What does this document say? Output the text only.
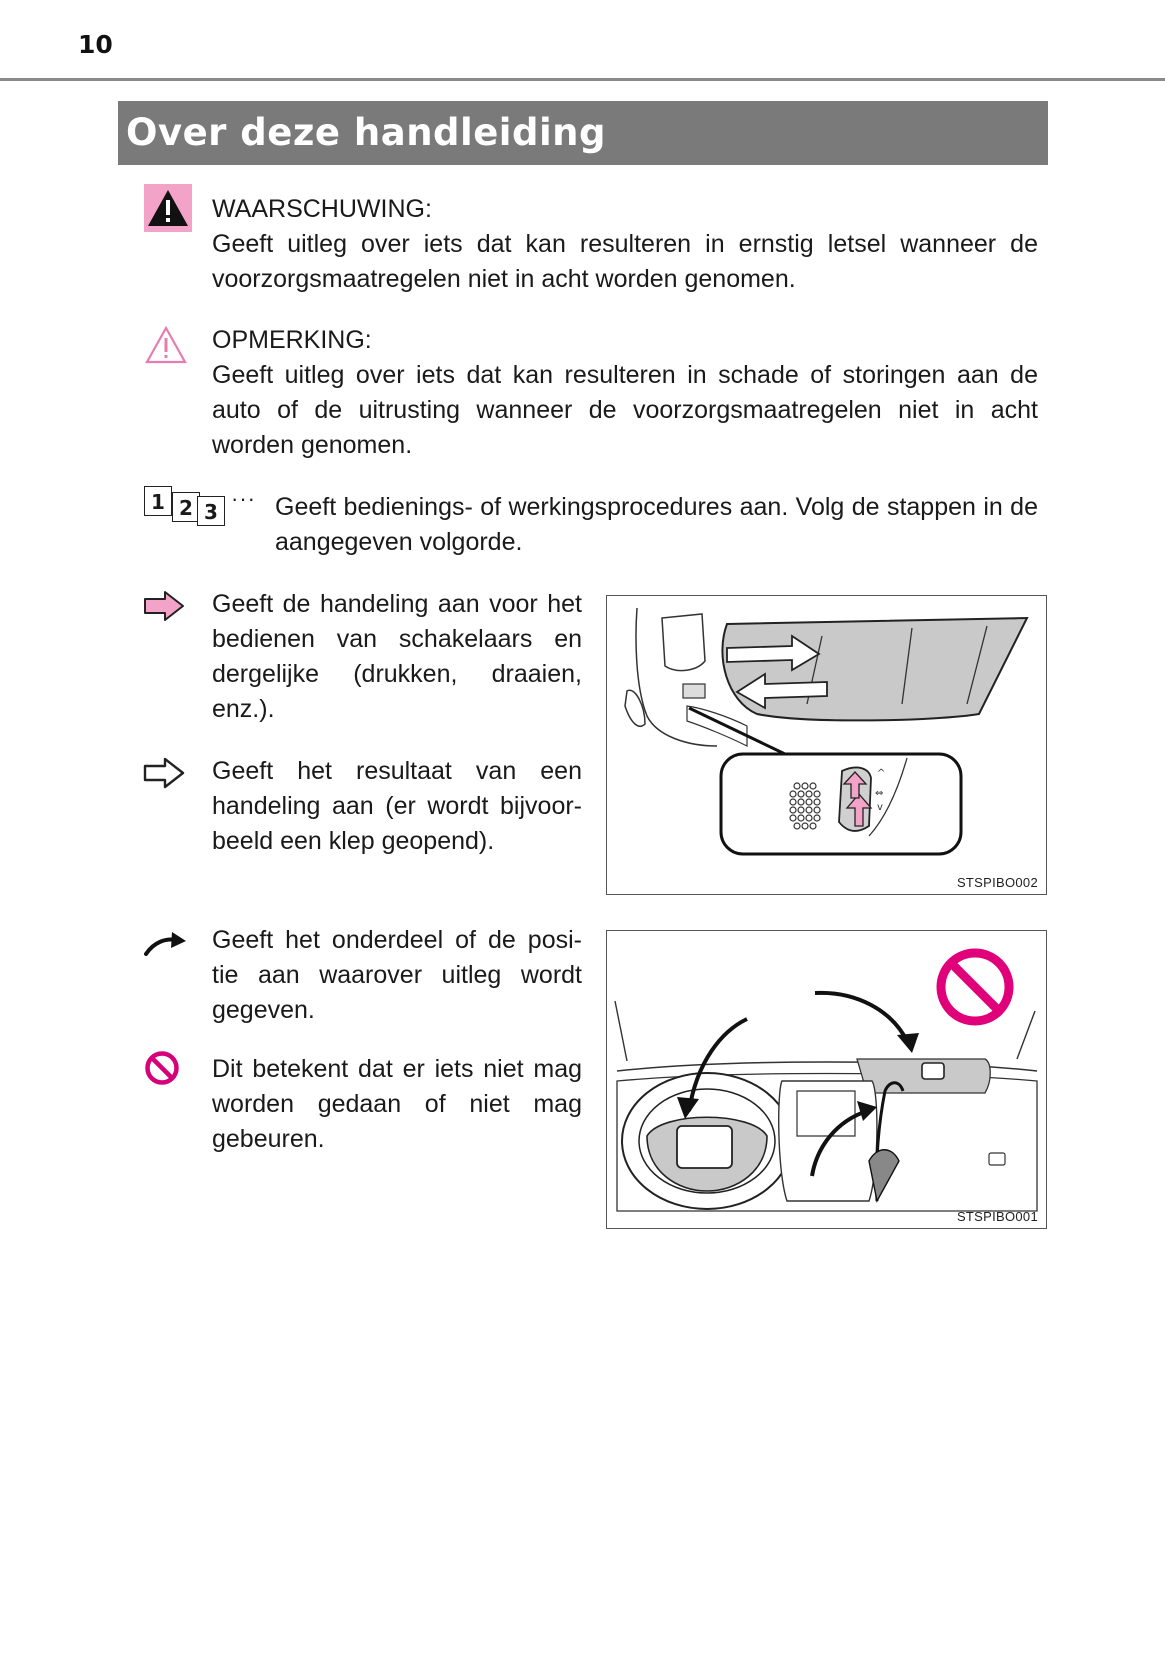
10
Over deze handleiding

WAARSCHUWING:

Geeft uitleg over iets dat kan resulteren in ernstig letsel wanneer de voorzorgsmaatregelen niet in acht worden genomen.

OPMERKING:

Geeft uitleg over iets dat kan resulteren in schade of storingen aan de auto of de uitrusting wanneer de voorzorgsmaatregelen niet in acht worden genomen.

1 2 3
··· Geeft bedienings- of werkingsprocedures aan. Volg de stappen in de aangegeven volgorde.

Geeft de handeling aan voor het bedienen van schakelaars en dergelijke (drukken, draaien, enz.).

Geeft het resultaat van een handeling aan (er wordt bijvoor-beeld een klep geopend).

Geeft het onderdeel of de posi-tie aan waarover uitleg wordt gegeven.

Dit betekent dat er iets niet mag worden gedaan of niet mag gebeuren.

^
⇔
v
STSPIBO002
STSPIBO001
